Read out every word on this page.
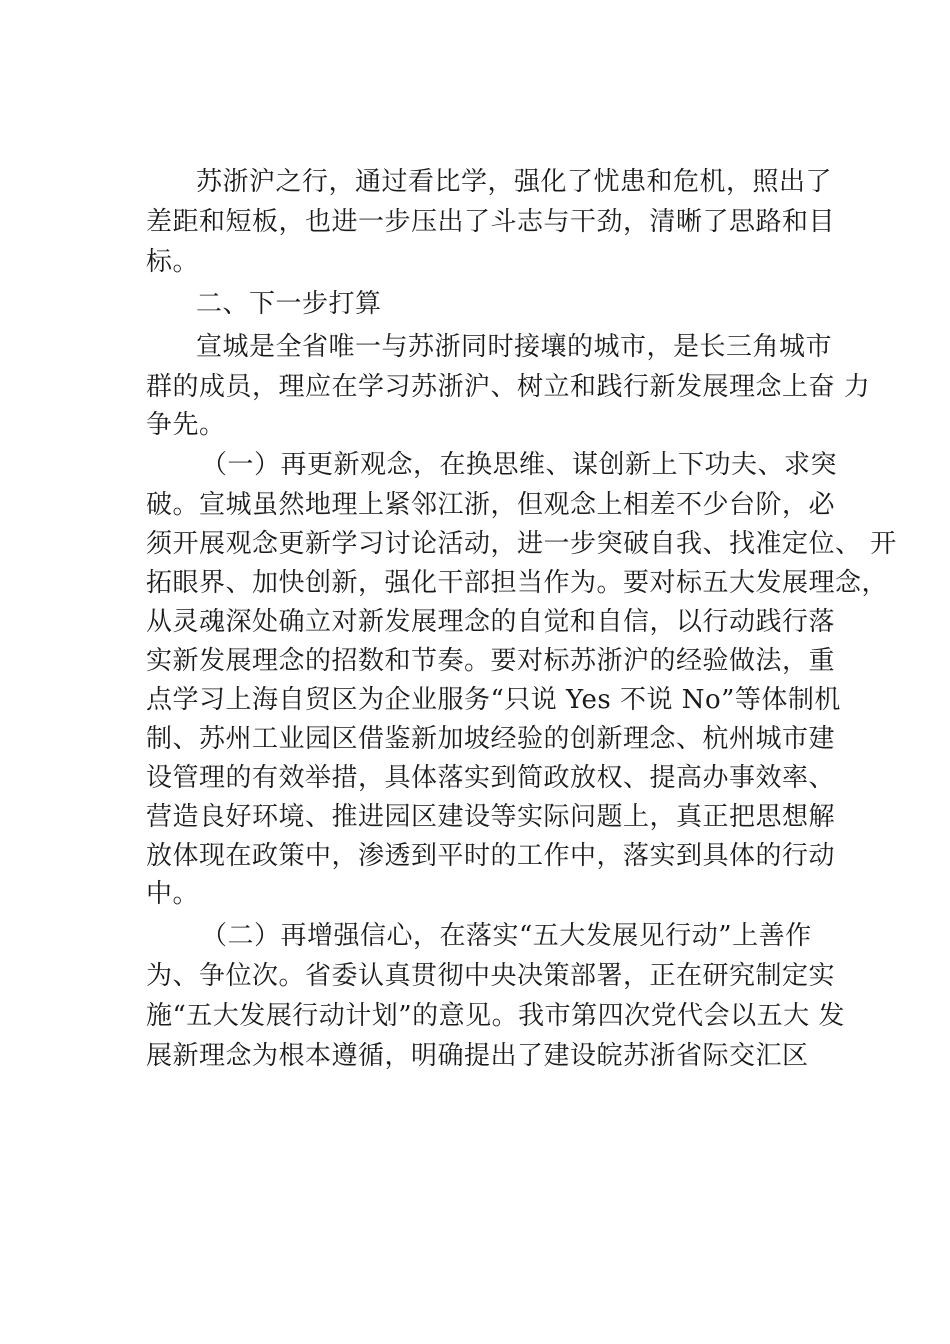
苏浙沪之行，通过看比学，强化了忧患和危机，照出了
差距和短板，也进一步压出了斗志与干劲，清晰了思路和目
标。
二、下一步打算
宣城是全省唯一与苏浙同时接壤的城市，是长三角城市
群的成员，理应在学习苏浙沪、树立和践行新发展理念上奋 力
争先。
（一）再更新观念，在换思维、谋创新上下功夫、求突
破。宣城虽然地理上紧邻江浙，但观念上相差不少台阶，必
须开展观念更新学习讨论活动，进一步突破自我、找准定位、 开
拓眼界、加快创新，强化干部担当作为。要对标五大发展理念，
从灵魂深处确立对新发展理念的自觉和自信，以行动践行落
实新发展理念的招数和节奏。要对标苏浙沪的经验做法，重
点学习上海自贸区为企业服务“只说 Yes 不说 No”等体制机
制、苏州工业园区借鉴新加坡经验的创新理念、杭州城市建
设管理的有效举措，具体落实到简政放权、提高办事效率、
营造良好环境、推进园区建设等实际问题上，真正把思想解
放体现在政策中，渗透到平时的工作中，落实到具体的行动
中。
（二）再增强信心，在落实“五大发展见行动”上善作
为、争位次。省委认真贯彻中央决策部署，正在研究制定实
施“五大发展行动计划”的意见。我市第四次党代会以五大 发
展新理念为根本遵循，明确提出了建设皖苏浙省际交汇区
